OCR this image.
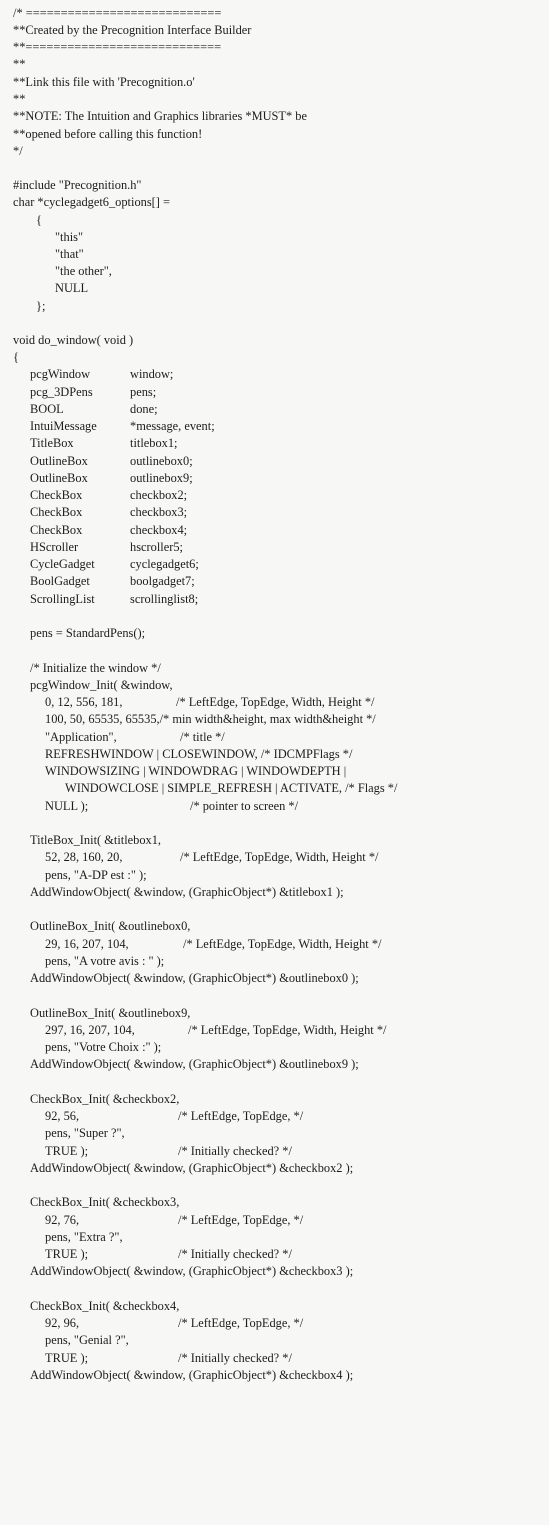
/* ============================
**Created by the Precognition Interface Builder
**============================
**
**Link this file with 'Precognition.o'
**
**NOTE: The Intuition and Graphics libraries *MUST* be
**opened before calling this function!
*/
#include "Precognition.h"
char *cyclegadget6_options[] =
{
"this"
"that"
"the other",
NULL
};
void do_window( void )
{
pcgWindow	window;
pcg_3DPens	pens;
BOOL	done;
IntuiMessage	*message, event;
TitleBox	titlebox1;
OutlineBox	outlinebox0;
OutlineBox	outlinebox9;
CheckBox	checkbox2;
CheckBox	checkbox3;
CheckBox	checkbox4;
HScroller	hscroller5;
CycleGadget	cyclegadget6;
BoolGadget	boolgadget7;
ScrollingList	scrollinglist8;
pens = StandardPens();
/* Initialize the window */
pcgWindow_Init( &window,
0, 12, 556, 181,	/* LeftEdge, TopEdge, Width, Height */
100, 50, 65535, 65535,/* min width&height, max width&height */
"Application",	/* title */
REFRESHWINDOW | CLOSEWINDOW, /* IDCMPFlags */
WINDOWSIZING | WINDOWDRAG | WINDOWDEPTH |
WINDOWCLOSE | SIMPLE_REFRESH | ACTIVATE, /* Flags */
NULL );	/* pointer to screen */
TitleBox_Init( &titlebox1,
52, 28, 160, 20,	/* LeftEdge, TopEdge, Width, Height */
pens, "A-DP est :" );
AddWindowObject( &window, (GraphicObject*) &titlebox1 );
OutlineBox_Init( &outlinebox0,
29, 16, 207, 104,	/* LeftEdge, TopEdge, Width, Height */
pens, "A votre avis : " );
AddWindowObject( &window, (GraphicObject*) &outlinebox0 );
OutlineBox_Init( &outlinebox9,
297, 16, 207, 104,	/* LeftEdge, TopEdge, Width, Height */
pens, "Votre Choix :" );
AddWindowObject( &window, (GraphicObject*) &outlinebox9 );
CheckBox_Init( &checkbox2,
92, 56,	/* LeftEdge, TopEdge, */
pens, "Super ?",
TRUE );	/* Initially checked? */
AddWindowObject( &window, (GraphicObject*) &checkbox2 );
CheckBox_Init( &checkbox3,
92, 76,	/* LeftEdge, TopEdge, */
pens, "Extra ?",
TRUE );	/* Initially checked? */
AddWindowObject( &window, (GraphicObject*) &checkbox3 );
CheckBox_Init( &checkbox4,
92, 96,	/* LeftEdge, TopEdge, */
pens, "Genial ?",
TRUE );	/* Initially checked? */
AddWindowObject( &window, (GraphicObject*) &checkbox4 );
